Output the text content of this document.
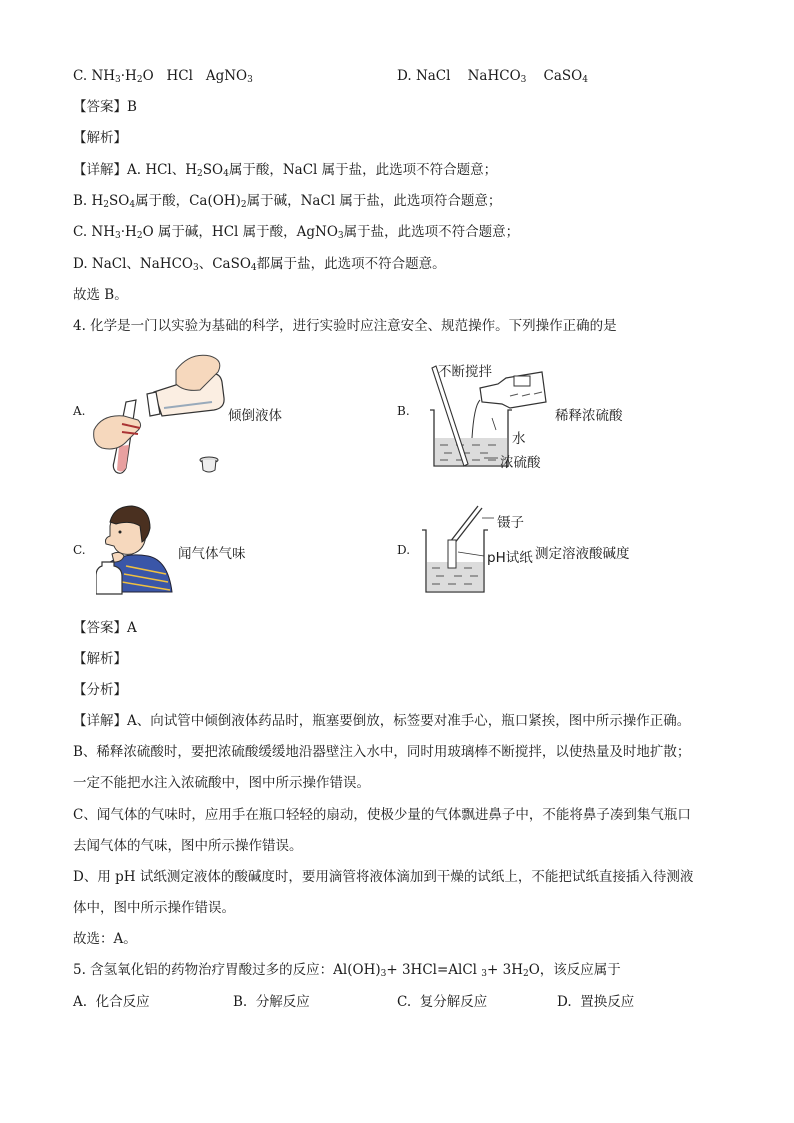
C. $NH_3\cdot H_2O$   HCl   AgNO$_3$	D. NaCl    NaHCO$_3$    CaSO$_4$
【答案】B
【解析】
【详解】A. HCl、$H_2SO_4$属于酸，NaCl 属于盐，此选项不符合题意；
B. $H_2SO_4$属于酸，$Ca(OH)_2$属于碱，NaCl 属于盐，此选项符合题意；
C. $NH_3\cdot H_2O$ 属于碱，HCl 属于酸，AgNO$_3$属于盐，此选项不符合题意；
D. NaCl、NaHCO$_3$、CaSO$_4$都属于盐，此选项不符合题意。
故选 B。
4. 化学是一门以实验为基础的科学，进行实验时应注意安全、规范操作。下列操作正确的是
A.	倾倒液体	B.
不断搅拌
稀释浓硫酸
水
浓硫酸
C.	闻气体气味	D.
镊子
pH试纸 测定溶液酸碱度
【答案】A
【解析】
【分析】
【详解】A、向试管中倾倒液体药品时，瓶塞要倒放，标签要对准手心，瓶口紧挨，图中所示操作正确。
B、稀释浓硫酸时，要把浓硫酸缓缓地沿器壁注入水中，同时用玻璃棒不断搅拌，以使热量及时地扩散；
一定不能把水注入浓硫酸中，图中所示操作错误。
C、闻气体的气味时，应用手在瓶口轻轻的扇动，使极少量的气体飘进鼻子中，不能将鼻子凑到集气瓶口
去闻气体的气味，图中所示操作错误。
D、用 pH 试纸测定液体的酸碱度时，要用滴管将液体滴加到干燥的试纸上，不能把试纸直接插入待测液
体中，图中所示操作错误。
故选：A。
5. 含氢氧化铝的药物治疗胃酸过多的反应：$Al(OH)_3+$ 3HCl=AlCl $_3+ 3H_2O$，该反应属于
A. 化合反应	B. 分解反应	C. 复分解反应	D. 置换反应
